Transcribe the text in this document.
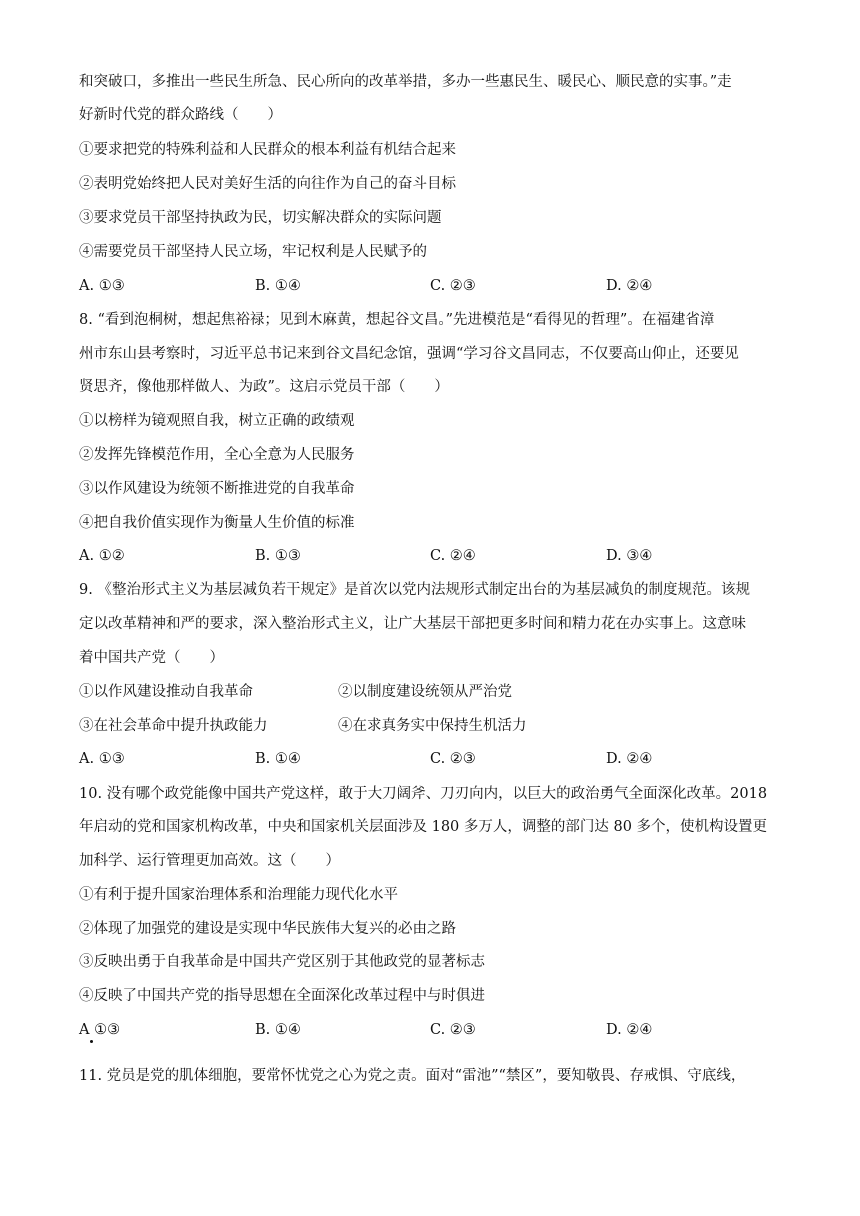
和突破口，多推出一些民生所急、民心所向的改革举措，多办一些惠民生、暖民心、顺民意的实事。”走
好新时代党的群众路线（　　）
①要求把党的特殊利益和人民群众的根本利益有机结合起来
②表明党始终把人民对美好生活的向往作为自己的奋斗目标
③要求党员干部坚持执政为民，切实解决群众的实际问题
④需要党员干部坚持人民立场，牢记权利是人民赋予的
A. ①③	B. ①④	C. ②③	D. ②④
8. “看到泡桐树，想起焦裕禄；见到木麻黄，想起谷文昌。”先进模范是“看得见的哲理”。在福建省漳
州市东山县考察时，习近平总书记来到谷文昌纪念馆，强调“学习谷文昌同志，不仅要高山仰止，还要见
贤思齐，像他那样做人、为政”。这启示党员干部（　　）
①以榜样为镜观照自我，树立正确的政绩观
②发挥先锋模范作用，全心全意为人民服务
③以作风建设为统领不断推进党的自我革命
④把自我价值实现作为衡量人生价值的标准
A. ①②	B. ①③	C. ②④	D. ③④
9. 《整治形式主义为基层减负若干规定》是首次以党内法规形式制定出台的为基层减负的制度规范。该规
定以改革精神和严的要求，深入整治形式主义，让广大基层干部把更多时间和精力花在办实事上。这意味
着中国共产党（　　）
①以作风建设推动自我革命	②以制度建设统领从严治党
③在社会革命中提升执政能力	④在求真务实中保持生机活力
A. ①③	B. ①④	C. ②③	D. ②④
10. 没有哪个政党能像中国共产党这样，敢于大刀阔斧、刀刃向内，以巨大的政治勇气全面深化改革。2018
年启动的党和国家机构改革，中央和国家机关层面涉及 180 多万人，调整的部门达 80 多个，使机构设置更
加科学、运行管理更加高效。这（　　）
①有利于提升国家治理体系和治理能力现代化水平
②体现了加强党的建设是实现中华民族伟大复兴的必由之路
③反映出勇于自我革命是中国共产党区别于其他政党的显著标志
④反映了中国共产党的指导思想在全面深化改革过程中与时俱进
A ①③	B. ①④	C. ②③	D. ②④
11. 党员是党的肌体细胞，要常怀忧党之心为党之责。面对“雷池”“禁区”，要知敬畏、存戒惧、守底线，
